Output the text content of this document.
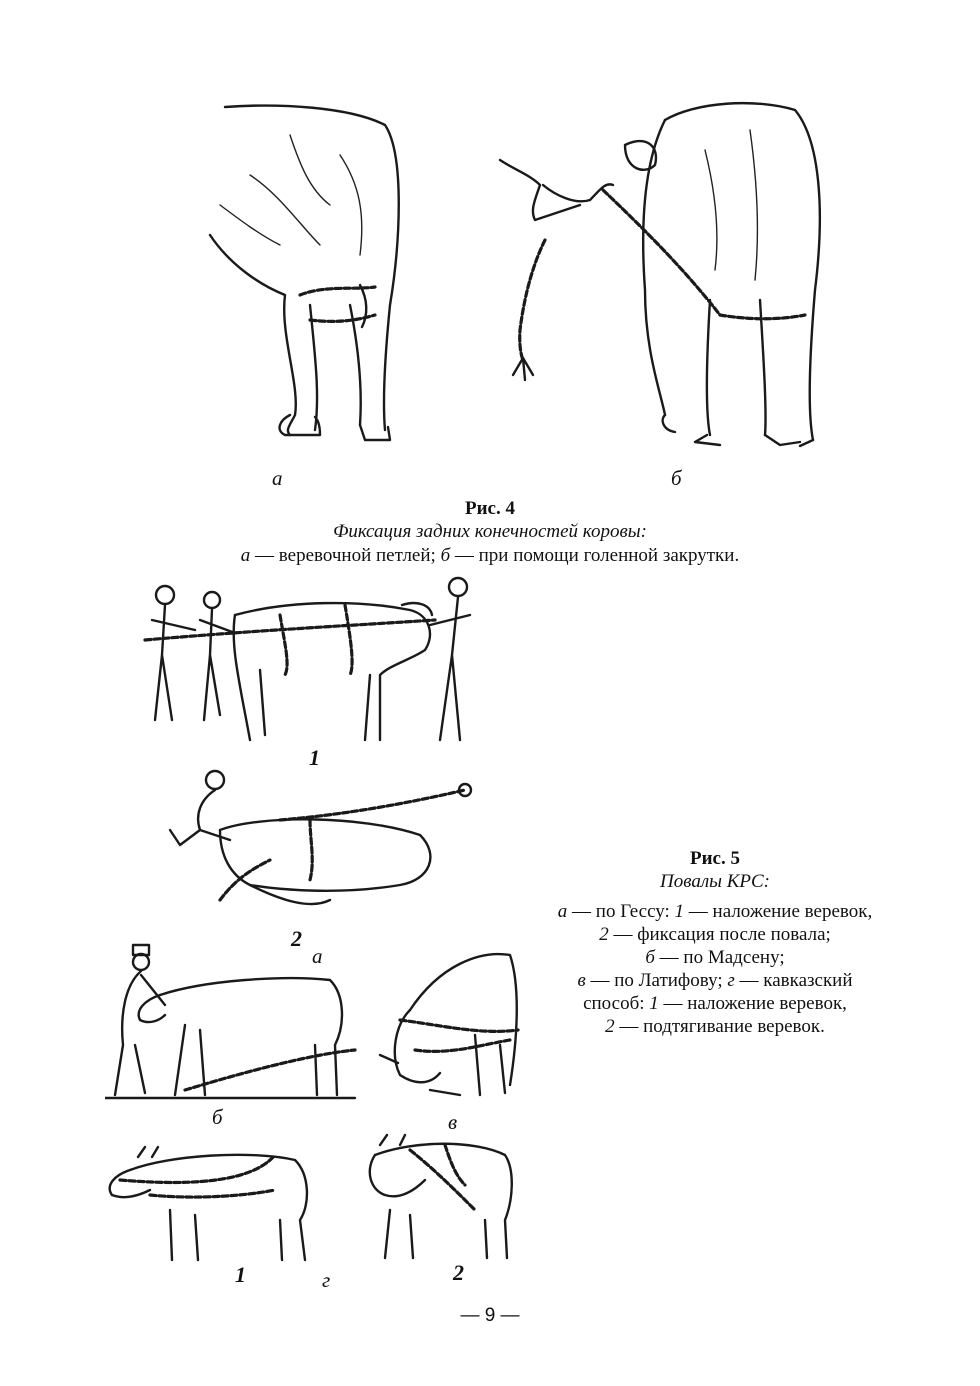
а	б
Рис. 4
Фиксация задних конечностей коровы:
а — веревочной петлей; б — при помощи голенной закрутки.
1
2
а
б	в
1	г	2
Рис. 5
Повалы КРС:
а — по Гессу: 1 — наложение веревок,
2 — фиксация после повала;
б — по Мадсену;
в — по Латифову; г — кавказский
способ: 1 — наложение веревок,
2 — подтягивание веревок.
— 9 —
